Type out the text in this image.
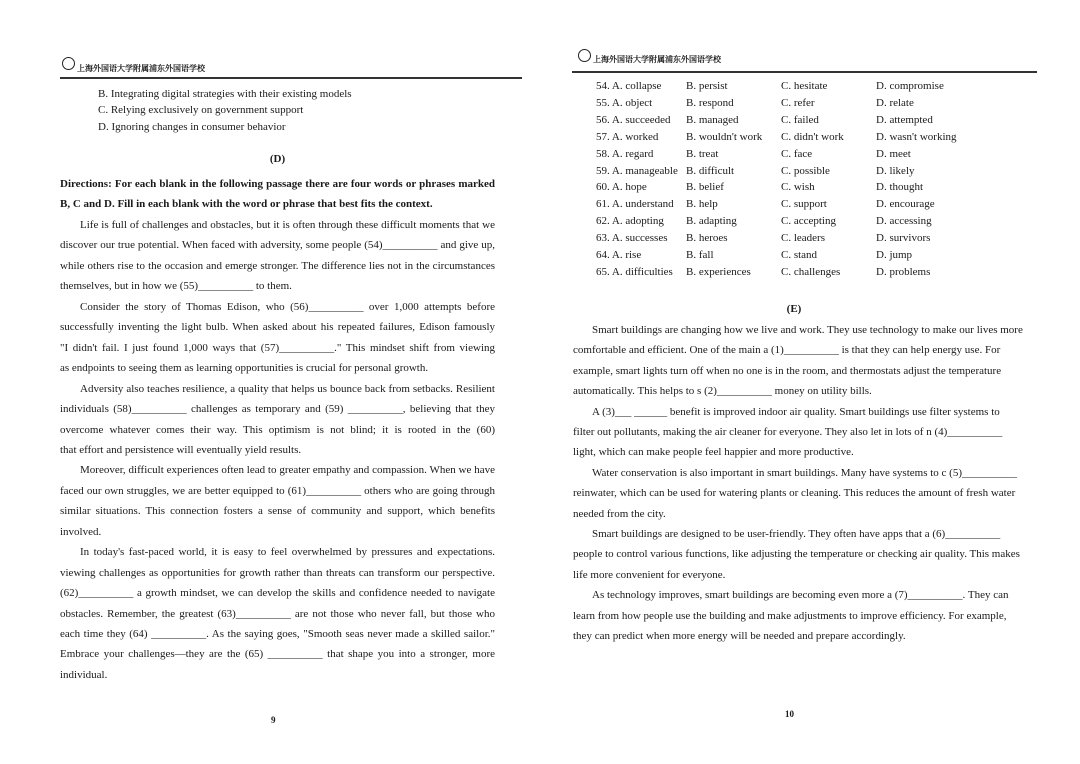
上海外国语大学附属浦东外国语学校
B. Integrating digital strategies with their existing models
C. Relying exclusively on government support
D. Ignoring changes in consumer behavior
(D)
Directions: For each blank in the following passage there are four words or phrases marked
B, C and D. Fill in each blank with the word or phrase that best fits the context.
Life is full of challenges and obstacles, but it is often through these difficult moments that we
discover our true potential. When faced with adversity, some people (54)__________ and give up,
while others rise to the occasion and emerge stronger. The difference lies not in the circumstances
themselves, but in how we (55)__________ to them.
Consider the story of Thomas Edison, who (56)__________ over 1,000 attempts before
successfully inventing the light bulb. When asked about his repeated failures, Edison famously
"I didn't fail. I just found 1,000 ways that (57)__________." This mindset shift from viewing
as endpoints to seeing them as learning opportunities is crucial for personal growth.
Adversity also teaches resilience, a quality that helps us bounce back from setbacks. Resilient
individuals (58)__________ challenges as temporary and (59) __________, believing that they
overcome whatever comes their way. This optimism is not blind; it is rooted in the (60)
that effort and persistence will eventually yield results.
Moreover, difficult experiences often lead to greater empathy and compassion. When we have
faced our own struggles, we are better equipped to (61)__________ others who are going through
similar situations. This connection fosters a sense of community and support, which benefits
involved.
In today's fast-paced world, it is easy to feel overwhelmed by pressures and expectations.
viewing challenges as opportunities for growth rather than threats can transform our perspective.
(62)__________ a growth mindset, we can develop the skills and confidence needed to navigate
obstacles. Remember, the greatest (63)__________ are not those who never fall, but those who
each time they (64) __________. As the saying goes, "Smooth seas never made a skilled sailor."
Embrace your challenges—they are the (65) __________ that shape you into a stronger, more
individual.
9
上海外国语大学附属浦东外国语学校
54. A. collapse B. persist	C. hesitate	D. compromise
55. A. object	B. respond	C. refer	D. relate
56. A. succeeded B. managed	C. failed	D. attempted
57. A. worked	B. wouldn't work C. didn't work	D. wasn't working
58. A. regard	B. treat	C. face	D. meet
59. A. manageable B. difficult	C. possible	D. likely
60. A. hope	B. belief	C. wish	D. thought
61. A. understand B. help	C. support	D. encourage
62. A. adopting B. adapting	C. accepting	D. accessing
63. A. successes B. heroes	C. leaders	D. survivors
64. A. rise	B. fall	C. stand	D. jump
65. A. difficulties B. experiences	C. challenges	D. problems
(E)
Smart buildings are changing how we live and work. They use technology to make our lives more
comfortable and efficient. One of the main a (1)__________ is that they can help energy use. For
example, smart lights turn off when no one is in the room, and thermostats adjust the temperature
automatically. This helps to s (2)__________ money on utility bills.
A (3)___ ______ benefit is improved indoor air quality. Smart buildings use filter systems to
filter out pollutants, making the air cleaner for everyone. They also let in lots of n (4)__________
light, which can make people feel happier and more productive.
Water conservation is also important in smart buildings. Many have systems to c (5)__________
reinwater, which can be used for watering plants or cleaning. This reduces the amount of fresh water
needed from the city.
Smart buildings are designed to be user-friendly. They often have apps that a (6)__________
people to control various functions, like adjusting the temperature or checking air quality. This makes
life more convenient for everyone.
As technology improves, smart buildings are becoming even more a (7)__________. They can
learn from how people use the building and make adjustments to improve efficiency. For example,
they can predict when more energy will be needed and prepare accordingly.
10
